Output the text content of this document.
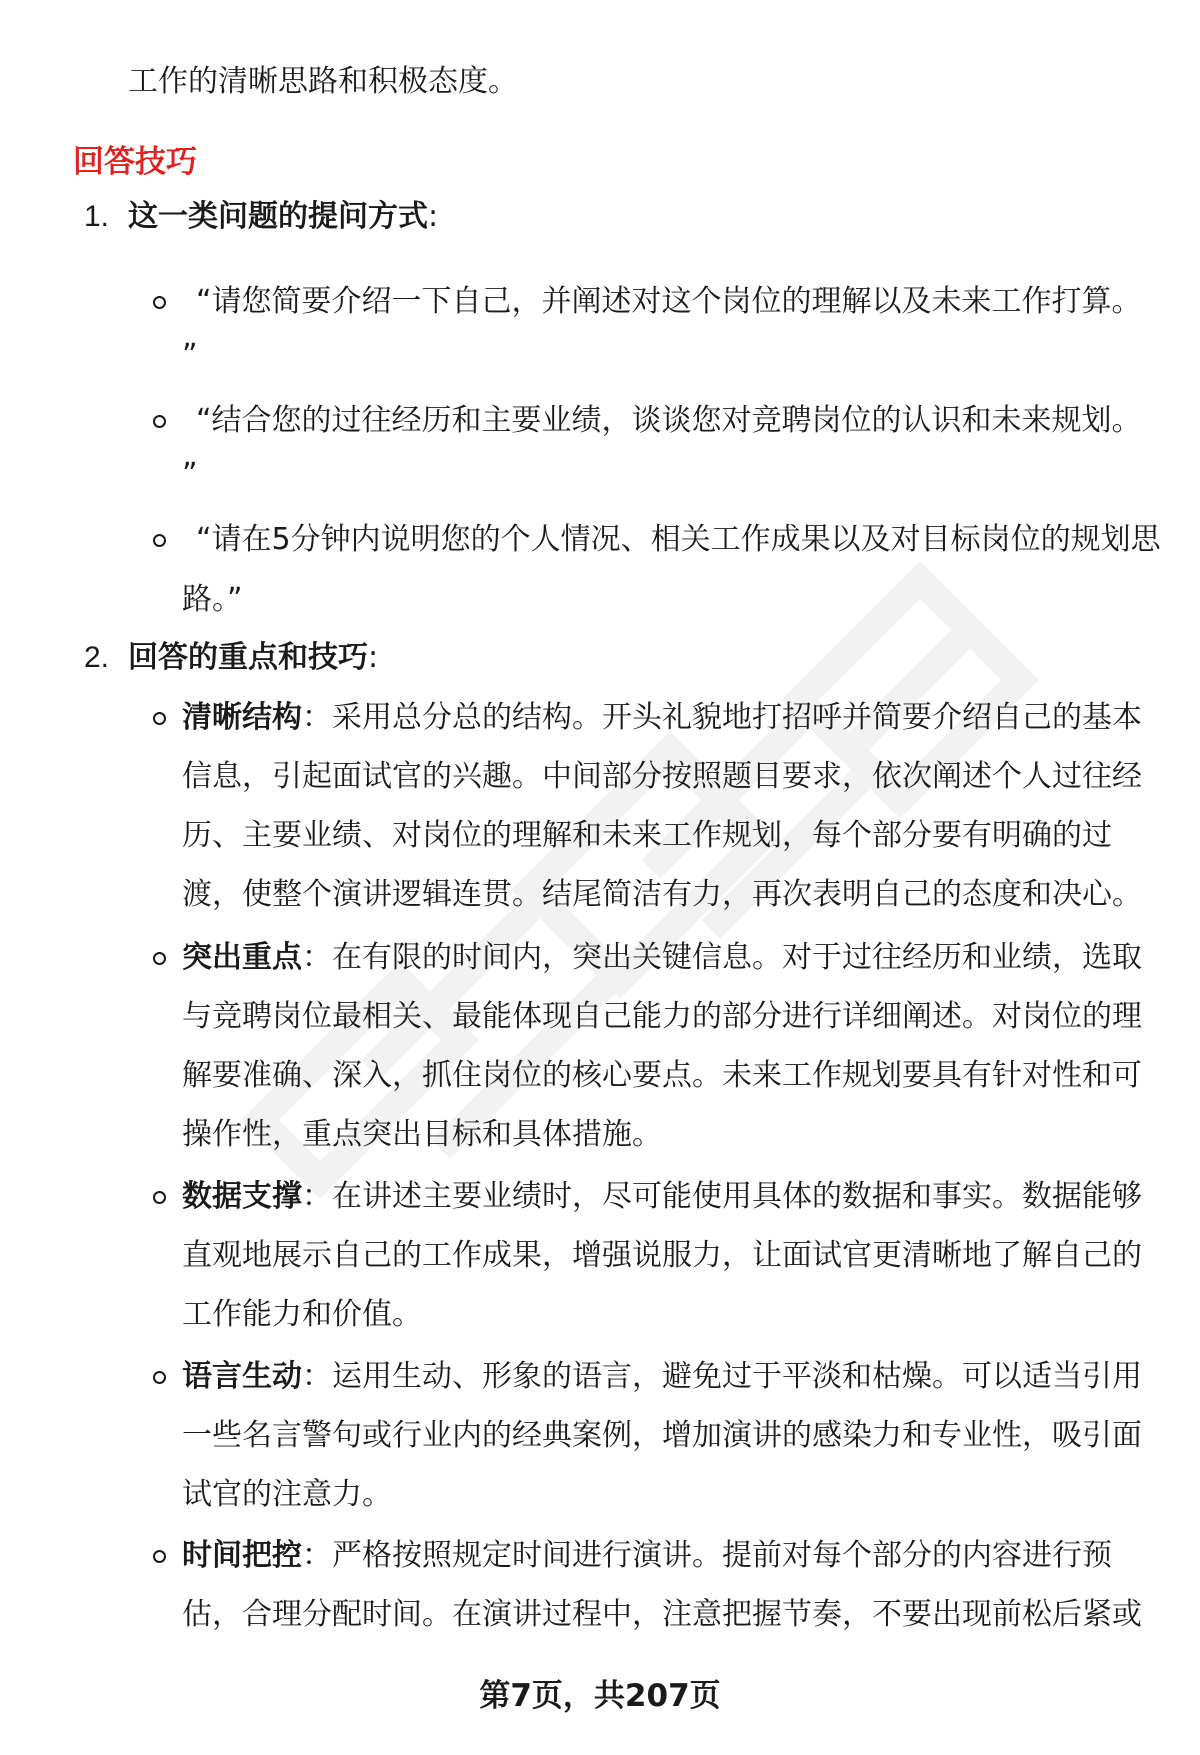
工作的清晰思路和积极态度。
回答技巧
1. 这一类问题的提问方式:
“请您简要介绍一下自己，并阐述对这个岗位的理解以及未来工作打算。
”
“结合您的过往经历和主要业绩，谈谈您对竞聘岗位的认识和未来规划。
”
“请在5分钟内说明您的个人情况、相关工作成果以及对目标岗位的规划思
路。”
2. 回答的重点和技巧:
清晰结构：采用总分总的结构。开头礼貌地打招呼并简要介绍自己的基本
信息，引起面试官的兴趣。中间部分按照题目要求，依次阐述个人过往经
历、主要业绩、对岗位的理解和未来工作规划，每个部分要有明确的过
渡，使整个演讲逻辑连贯。结尾简洁有力，再次表明自己的态度和决心。
突出重点：在有限的时间内，突出关键信息。对于过往经历和业绩，选取
与竞聘岗位最相关、最能体现自己能力的部分进行详细阐述。对岗位的理
解要准确、深入，抓住岗位的核心要点。未来工作规划要具有针对性和可
操作性，重点突出目标和具体措施。
数据支撑：在讲述主要业绩时，尽可能使用具体的数据和事实。数据能够
直观地展示自己的工作成果，增强说服力，让面试官更清晰地了解自己的
工作能力和价值。
语言生动：运用生动、形象的语言，避免过于平淡和枯燥。可以适当引用
一些名言警句或行业内的经典案例，增加演讲的感染力和专业性，吸引面
试官的注意力。
时间把控：严格按照规定时间进行演讲。提前对每个部分的内容进行预
估，合理分配时间。在演讲过程中，注意把握节奏，不要出现前松后紧或
第7页，共207页
